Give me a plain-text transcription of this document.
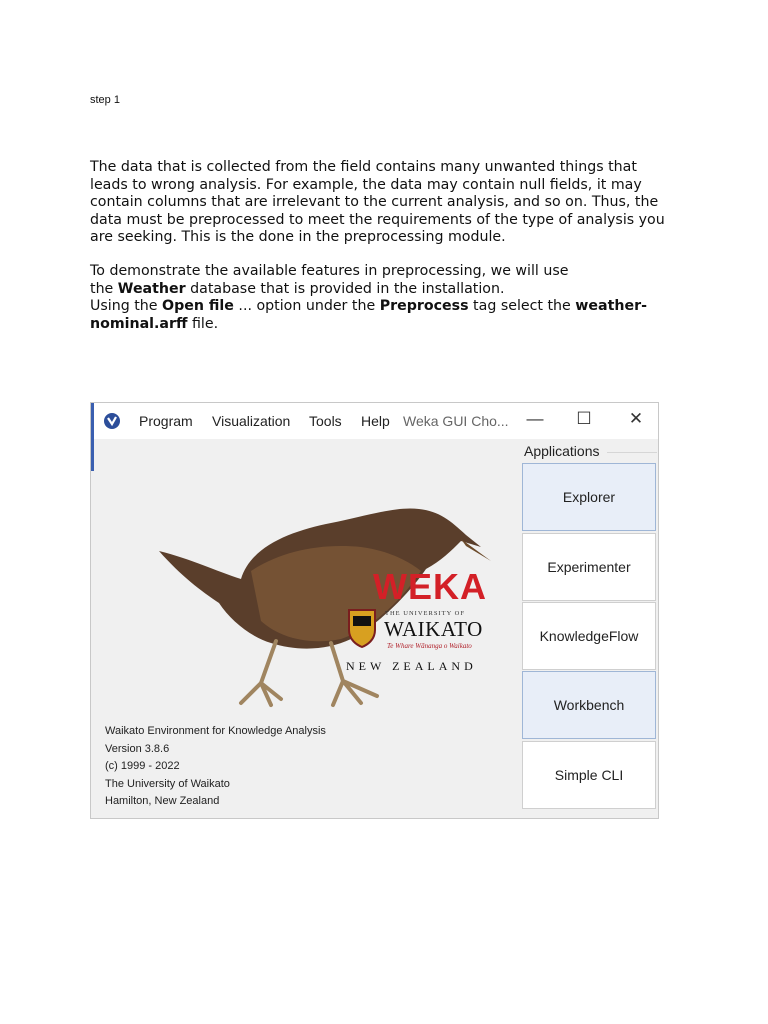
step 1

The data that is collected from the field contains many unwanted things that
leads to wrong analysis. For example, the data may contain null fields, it may
contain columns that are irrelevant to the current analysis, and so on. Thus, the
data must be preprocessed to meet the requirements of the type of analysis you
are seeking. This is the done in the preprocessing module.

To demonstrate the available features in preprocessing, we will use
the Weather database that is provided in the installation.
Using the Open file ... option under the Preprocess tag select the weather-
nominal.arff file.

Program Visualization Tools Help Weka GUI Cho... — ☐ ✕
WEKA
THE UNIVERSITY OF
WAIKATO
Te Whare Wānanga o Waikato
NEW ZEALAND
Waikato Environment for Knowledge Analysis
Version 3.8.6
(c) 1999 - 2022
The University of Waikato
Hamilton, New Zealand
Applications
Explorer
Experimenter
KnowledgeFlow
Workbench
Simple CLI
